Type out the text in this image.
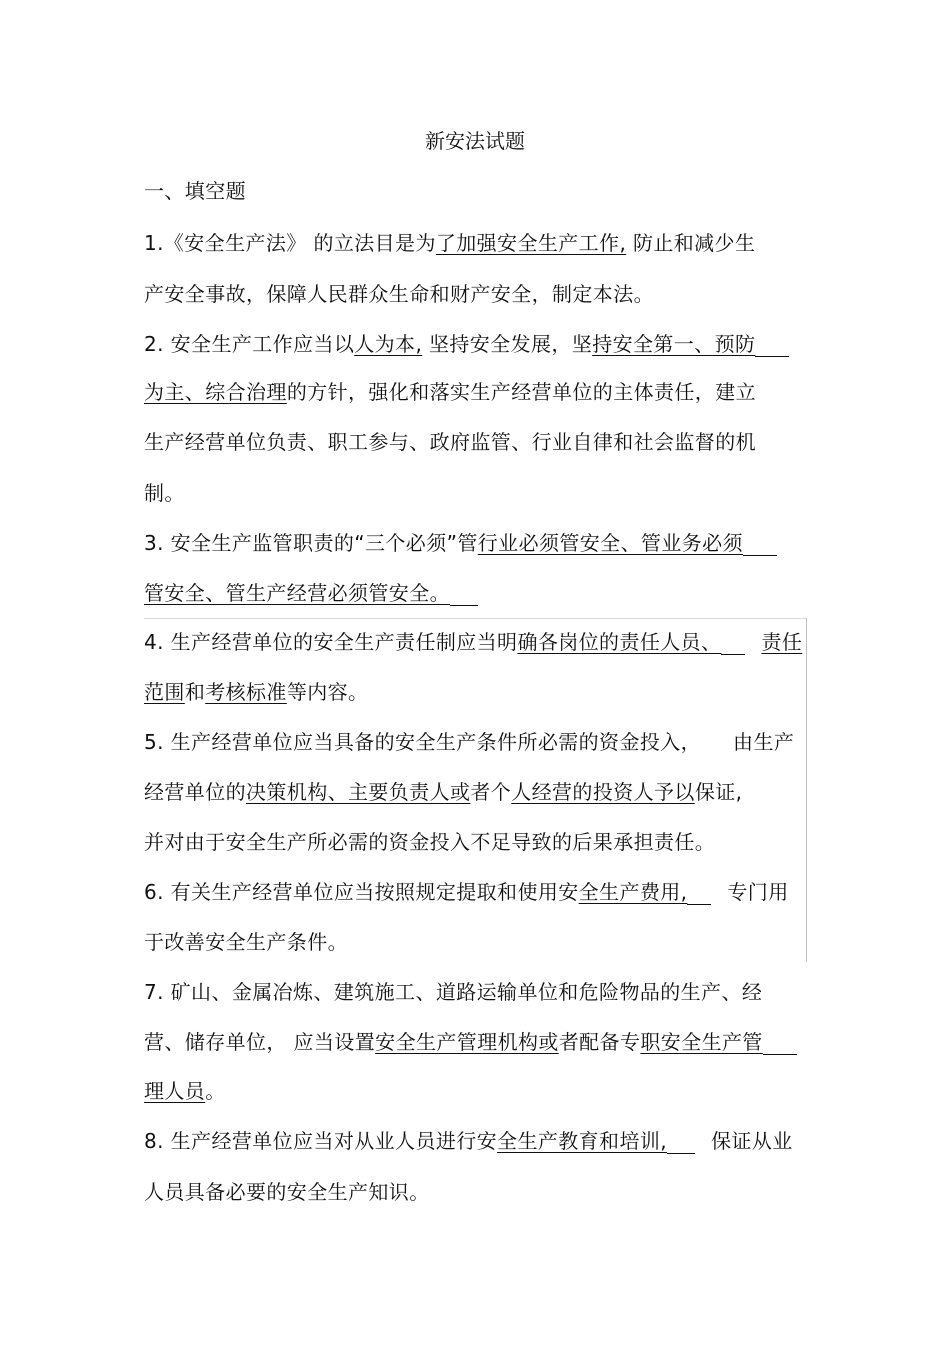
新安法试题
一、填空题
1.《安全生产法》 的立法目是为了加强安全生产工作, 防止和减少生
产安全事故，保障人民群众生命和财产安全，制定本法。
2. 安全生产工作应当以人为本, 坚持安全发展，坚持安全第一、预防
为主、综合治理的方针，强化和落实生产经营单位的主体责任，建立
生产经营单位负责、职工参与、政府监管、行业自律和社会监督的机
制。
3. 安全生产监管职责的“三个必须”管行业必须管安全、管业务必须
管安全、管生产经营必须管安全。
4. 生产经营单位的安全生产责任制应当明确各岗位的责任人员、 责任
范围和考核标准等内容。
5. 生产经营单位应当具备的安全生产条件所必需的资金投入， 由生产
经营单位的决策机构、主要负责人或者个人经营的投资人予以保证,
并对由于安全生产所必需的资金投入不足导致的后果承担责任。
6. 有关生产经营单位应当按照规定提取和使用安全生产费用, 专门用
于改善安全生产条件。
7. 矿山、金属冶炼、建筑施工、道路运输单位和危险物品的生产、经
营、储存单位， 应当设置安全生产管理机构或者配备专职安全生产管
理人员。
8. 生产经营单位应当对从业人员进行安全生产教育和培训, 保证从业
人员具备必要的安全生产知识。
